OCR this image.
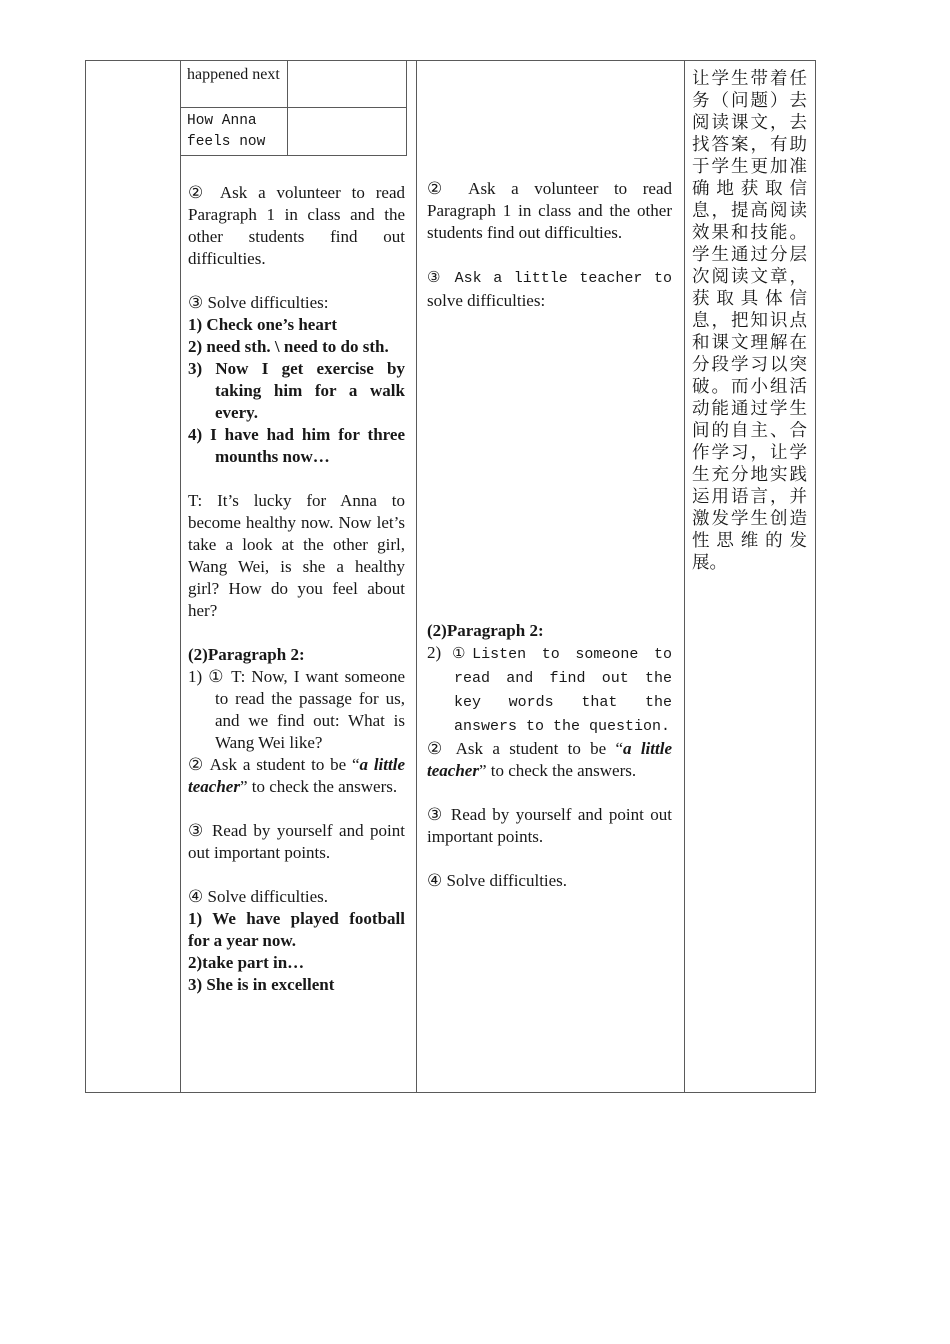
happened next	
How Anna feels now	

② Ask a volunteer to read Paragraph 1 in class and the other students find out difficulties.

③ Solve difficulties:

1) Check one’s heart

2) need sth. \ need to do sth.

3) Now I get exercise by taking him for a walk every.

4) I have had him for three mounths now…

T: It’s lucky for Anna to become healthy now. Now let’s take a look at the other girl, Wang Wei, is she a healthy girl? How do you feel about her?

(2)Paragraph 2:

1) ① T: Now, I want someone to read the passage for us, and we find out: What is Wang Wei like?

② Ask a student to be “a little teacher” to check the answers.

③ Read by yourself and point out important points.

④ Solve difficulties.

1) We have played football for a year now.

2)take part in…

3) She is in excellent

② Ask a volunteer to read Paragraph 1 in class and the other students find out difficulties.

③ Ask a little teacher to solve difficulties:

(2)Paragraph 2:

2) ①Listen to someone to read and find out the key words that the answers to the question.

② Ask a student to be “a little teacher” to check the answers.

③ Read by yourself and point out important points.

④ Solve difficulties.

让学生带着任务（问题）去阅读课文，去找答案，有助于学生更加准确地获取信息，提高阅读效果和技能。学生通过分层次阅读文章，获取具体信息，把知识点和课文理解在分段学习以突破。而小组活动能通过学生间的自主、合作学习，让学生充分地实践运用语言，并激发学生创造性思维的发展。
